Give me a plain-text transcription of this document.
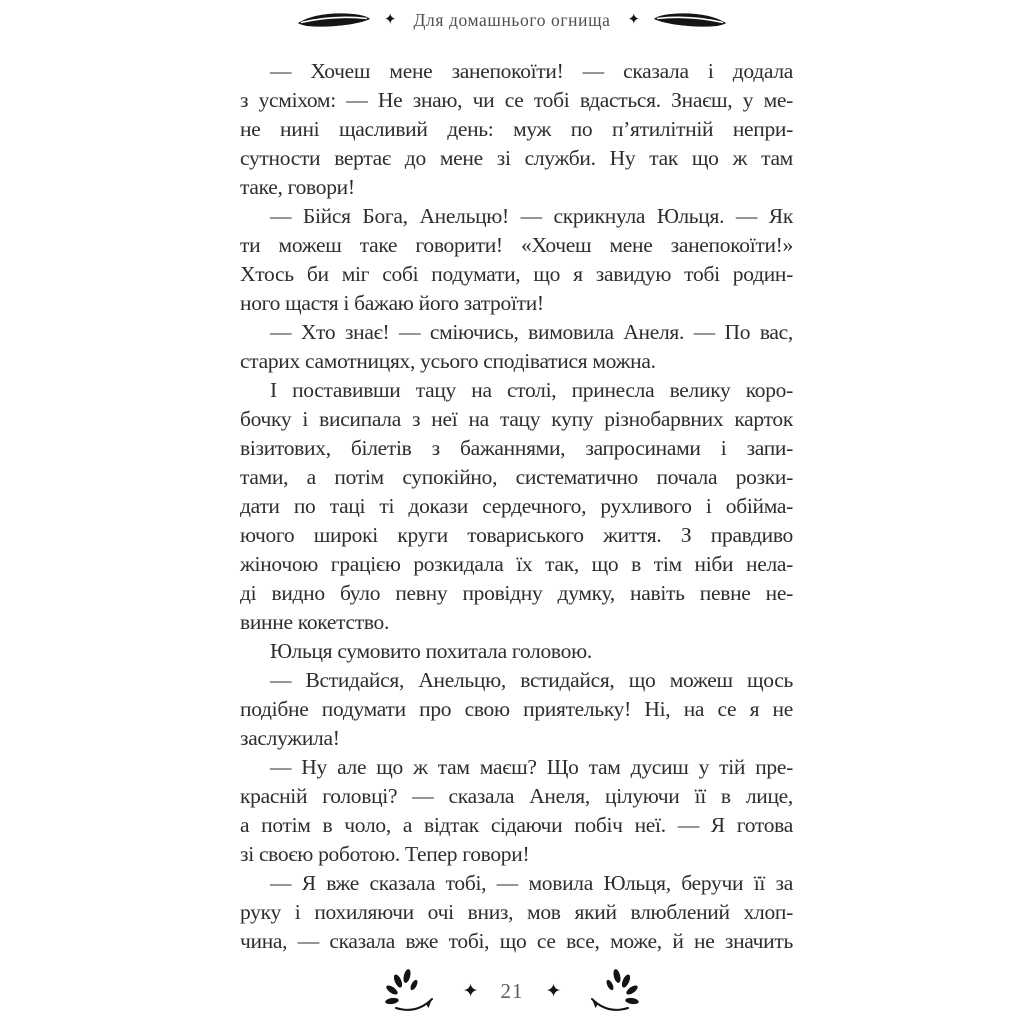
✦ Для домашнього огнища ✦
— Хочеш мене занепокоїти! — сказала і додала
з усміхом: — Не знаю, чи се тобі вдасться. Знаєш, у ме-
не нині щасливий день: муж по п’ятилітній непри-
сутности вертає до мене зі служби. Ну так що ж там
таке, говори!
— Бійся Бога, Анельцю! — скрикнула Юльця. — Як
ти можеш таке говорити! «Хочеш мене занепокоїти!»
Хтось би міг собі подумати, що я завидую тобі родин-
ного щастя і бажаю його затроїти!
— Хто знає! — сміючись, вимовила Анеля. — По вас,
старих самотницях, усього сподіватися можна.
І поставивши тацу на столі, принесла велику коро-
бочку і висипала з неї на тацу купу різнобарвних карток
візитових, білетів з бажаннями, запросинами і запи-
тами, а потім супокійно, систематично почала розки-
дати по таці ті докази сердечного, рухливого і обійма-
ючого широкі круги товариського життя. З правдиво
жіночою грацією розкидала їх так, що в тім ніби нела-
ді видно було певну провідну думку, навіть певне не-
винне кокетство.
Юльця сумовито похитала головою.
— Встидайся, Анельцю, встидайся, що можеш щось
подібне подумати про свою приятельку! Ні, на се я не
заслужила!
— Ну але що ж там маєш? Що там дусиш у тій пре-
красній головці? — сказала Анеля, цілуючи її в лице,
а потім в чоло, а відтак сідаючи побіч неї. — Я готова
зі своєю роботою. Тепер говори!
— Я вже сказала тобі, — мовила Юльця, беручи її за
руку і похиляючи очі вниз, мов який влюблений хлоп-
чина, — сказала вже тобі, що се все, може, й не значить
✦ 21 ✦
